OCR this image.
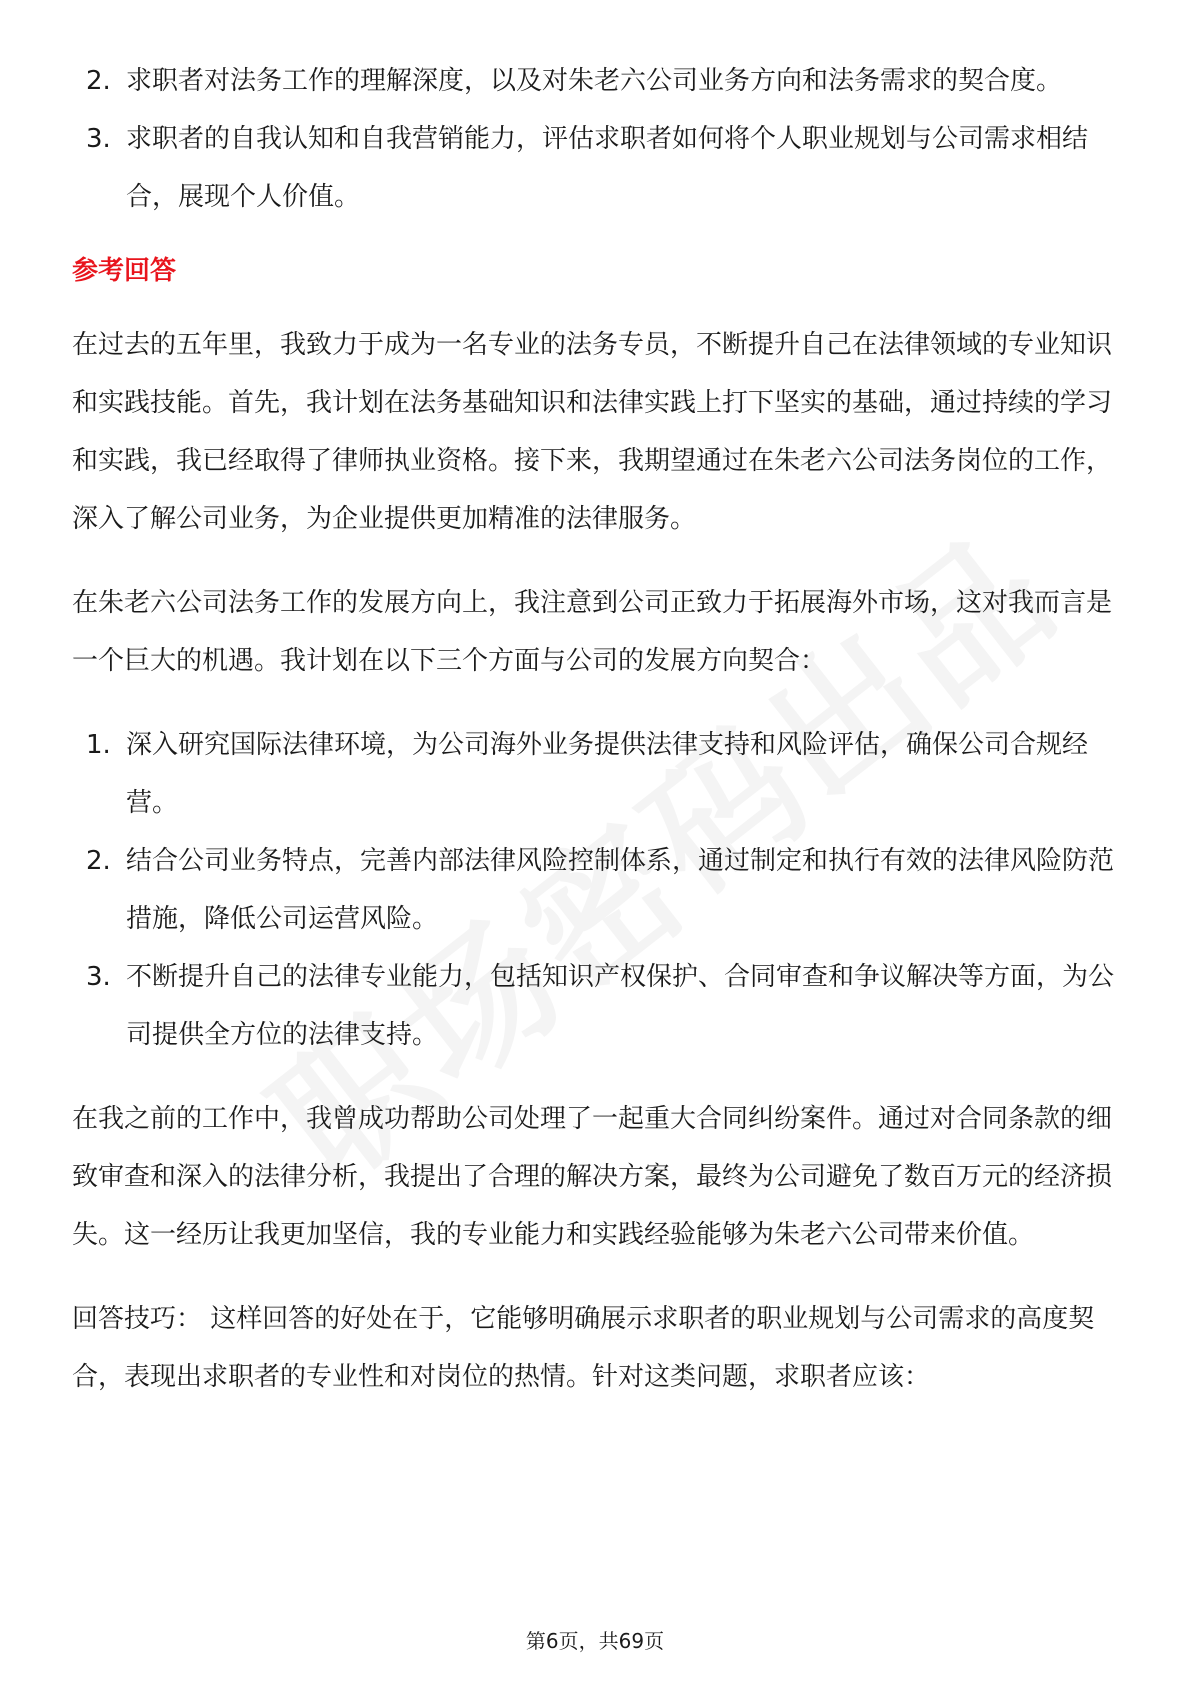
2. 求职者对法务工作的理解深度，以及对朱老六公司业务方向和法务需求的契合度。
3. 求职者的自我认知和自我营销能力，评估求职者如何将个人职业规划与公司需求相结合，展现个人价值。

参考回答

在过去的五年里，我致力于成为一名专业的法务专员，不断提升自己在法律领域的专业知识和实践技能。首先，我计划在法务基础知识和法律实践上打下坚实的基础，通过持续的学习和实践，我已经取得了律师执业资格。接下来，我期望通过在朱老六公司法务岗位的工作，深入了解公司业务，为企业提供更加精准的法律服务。

在朱老六公司法务工作的发展方向上，我注意到公司正致力于拓展海外市场，这对我而言是一个巨大的机遇。我计划在以下三个方面与公司的发展方向契合：

1. 深入研究国际法律环境，为公司海外业务提供法律支持和风险评估，确保公司合规经营。
2. 结合公司业务特点，完善内部法律风险控制体系，通过制定和执行有效的法律风险防范措施，降低公司运营风险。
3. 不断提升自己的法律专业能力，包括知识产权保护、合同审查和争议解决等方面，为公司提供全方位的法律支持。

在我之前的工作中，我曾成功帮助公司处理了一起重大合同纠纷案件。通过对合同条款的细致审查和深入的法律分析，我提出了合理的解决方案，最终为公司避免了数百万元的经济损失。这一经历让我更加坚信，我的专业能力和实践经验能够为朱老六公司带来价值。

回答技巧： 这样回答的好处在于，它能够明确展示求职者的职业规划与公司需求的高度契合，表现出求职者的专业性和对岗位的热情。针对这类问题，求职者应该：

第6页，共69页
